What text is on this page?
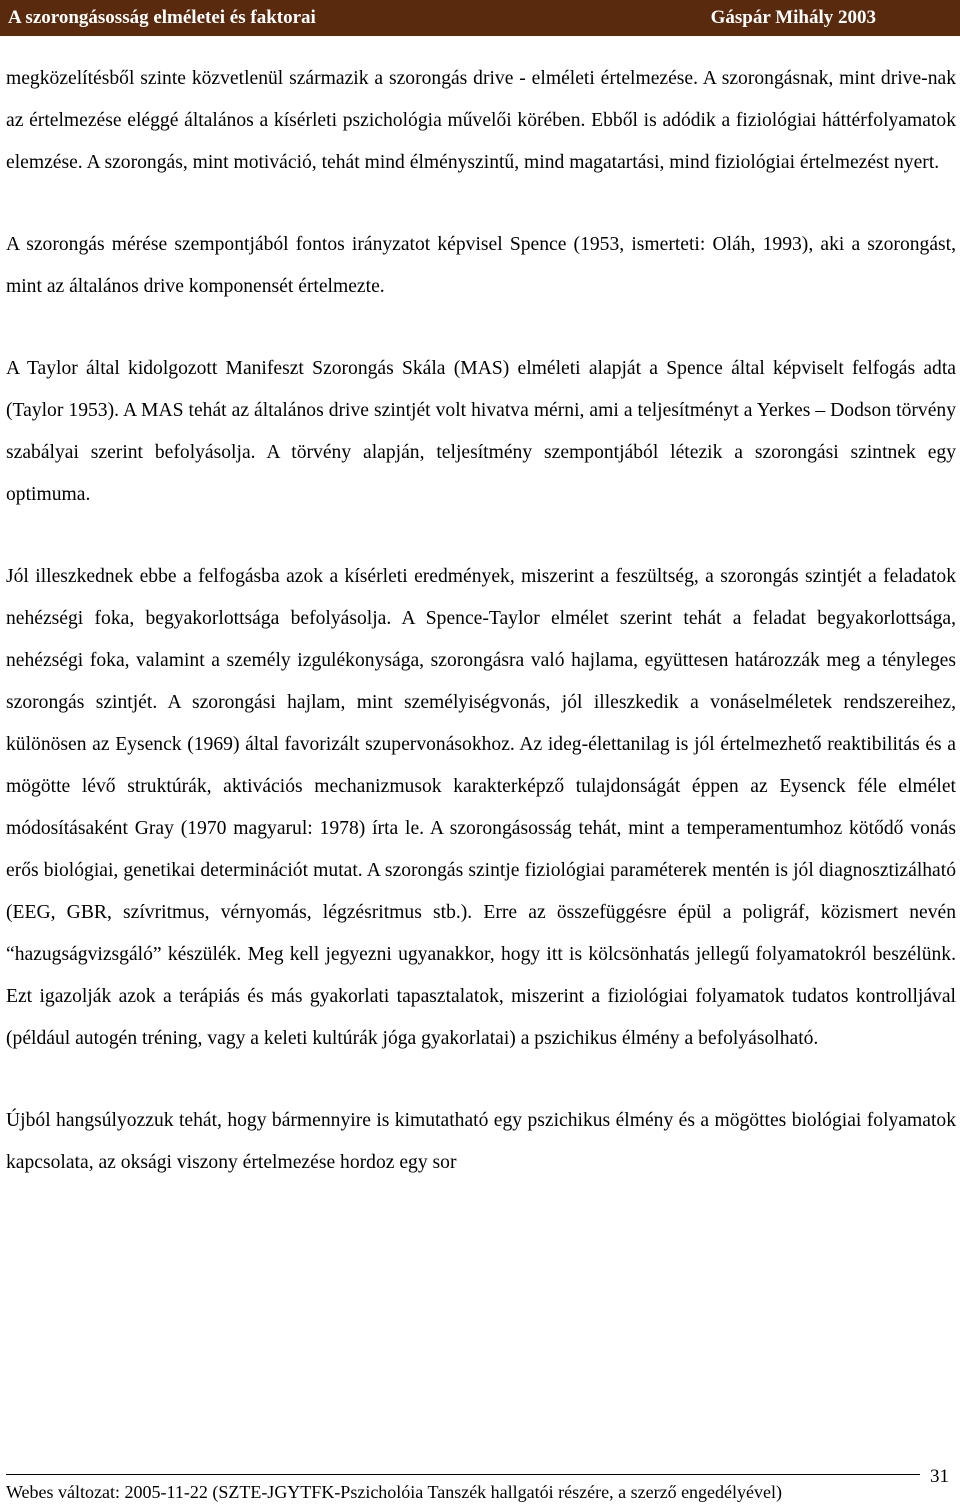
A szorongásosság elméletei és faktorai	Gáspár Mihály 2003

megközelítésből szinte közvetlenül származik a szorongás drive - elméleti értelmezése. A szorongásnak, mint drive-nak az értelmezése eléggé általános a kísérleti pszichológia művelői körében. Ebből is adódik a fiziológiai háttérfolyamatok elemzése. A szorongás, mint motiváció, tehát mind élményszintű, mind magatartási, mind fiziológiai értelmezést nyert.

A szorongás mérése szempontjából fontos irányzatot képvisel Spence (1953, ismerteti: Oláh, 1993), aki a szorongást, mint az általános drive komponensét értelmezte.

A Taylor által kidolgozott Manifeszt Szorongás Skála (MAS) elméleti alapját a Spence által képviselt felfogás adta (Taylor 1953). A MAS tehát az általános drive szintjét volt hivatva mérni, ami a teljesítményt a Yerkes – Dodson törvény szabályai szerint befolyásolja. A törvény alapján, teljesítmény szempontjából létezik a szorongási szintnek egy optimuma.

Jól illeszkednek ebbe a felfogásba azok a kísérleti eredmények, miszerint a feszültség, a szorongás szintjét a feladatok nehézségi foka, begyakorlottsága befolyásolja. A Spence-Taylor elmélet szerint tehát a feladat begyakorlottsága, nehézségi foka, valamint a személy izgulékonysága, szorongásra való hajlama, együttesen határozzák meg a tényleges szorongás szintjét. A szorongási hajlam, mint személyiségvonás, jól illeszkedik a vonáselméletek rendszereihez, különösen az Eysenck (1969) által favorizált szupervonásokhoz. Az ideg-élettanilag is jól értelmezhető reaktibilitás és a mögötte lévő struktúrák, aktivációs mechanizmusok karakterképző tulajdonságát éppen az Eysenck féle elmélet módosításaként Gray (1970 magyarul: 1978) írta le. A szorongásosság tehát, mint a temperamentumhoz kötődő vonás erős biológiai, genetikai determinációt mutat. A szorongás szintje fiziológiai paraméterek mentén is jól diagnosztizálható (EEG, GBR, szívritmus, vérnyomás, légzésritmus stb.). Erre az összefüggésre épül a poligráf, közismert nevén “hazugságvizsgáló” készülék. Meg kell jegyezni ugyanakkor, hogy itt is kölcsönhatás jellegű folyamatokról beszélünk. Ezt igazolják azok a terápiás és más gyakorlati tapasztalatok, miszerint a fiziológiai folyamatok tudatos kontrolljával (például autogén tréning, vagy a keleti kultúrák jóga gyakorlatai) a pszichikus élmény a befolyásolható.

Újból hangsúlyozzuk tehát, hogy bármennyire is kimutatható egy pszichikus élmény és a mögöttes biológiai folyamatok kapcsolata, az oksági viszony értelmezése hordoz egy sor

Webes változat: 2005-11-22 (SZTE-JGYTFK-Pszicholóia Tanszék hallgatói részére, a szerző engedélyével)
31
